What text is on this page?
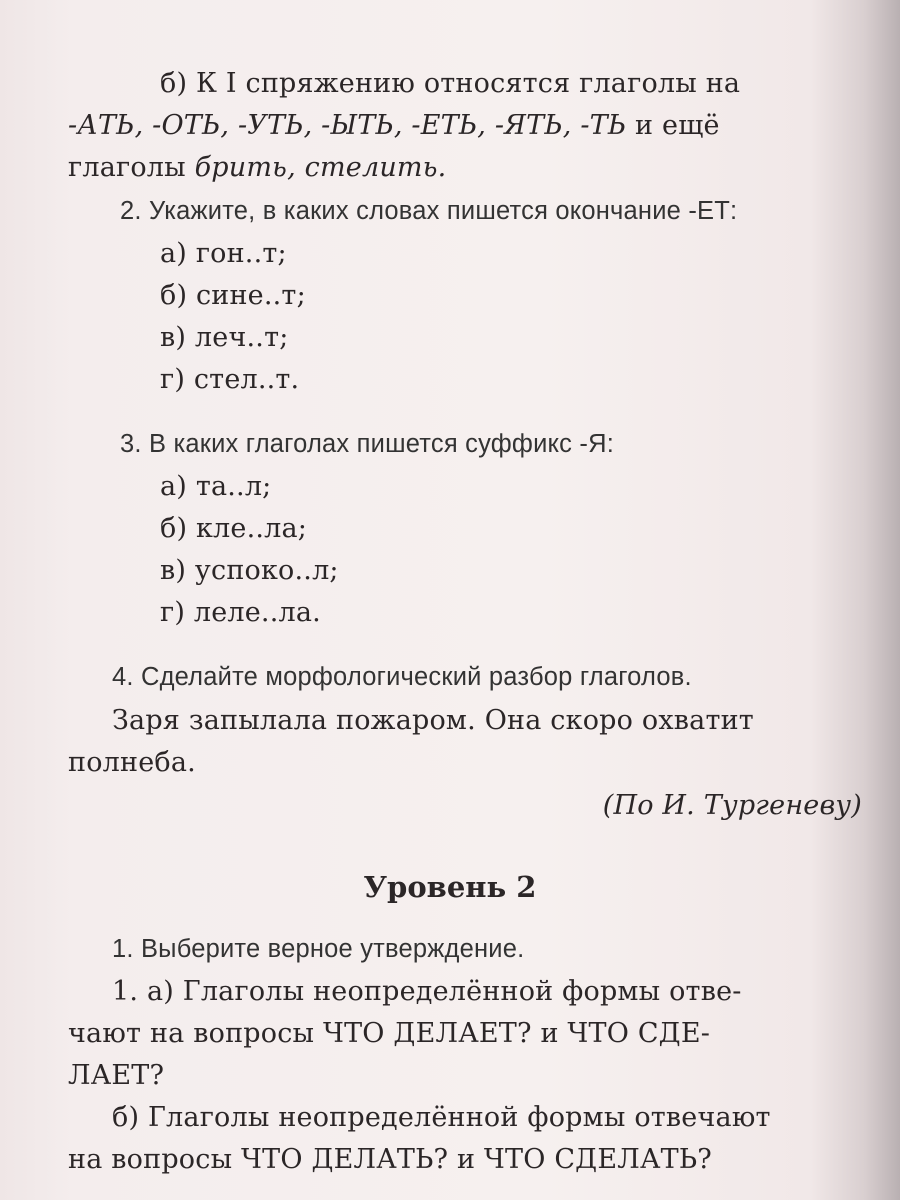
б) К I спряжению относятся глаголы на
-АТЬ, -ОТЬ, -УТЬ, -ЫТЬ, -ЕТЬ, -ЯТЬ, -ТЬ и ещё
глаголы брить, стелить.
2. Укажите, в каких словах пишется окончание -ЕТ:
а) гон..т;
б) сине..т;
в) леч..т;
г) стел..т.
3. В каких глаголах пишется суффикс -Я:
а) та..л;
б) кле..ла;
в) успоко..л;
г) леле..ла.
4. Сделайте морфологический разбор глаголов.
Заря запылала пожаром. Она скоро охватит
полнеба.
(По И. Тургеневу)
Уровень 2
1. Выберите верное утверждение.
1. а) Глаголы неопределённой формы отве-
чают на вопросы ЧТО ДЕЛАЕТ? и ЧТО СДЕ-
ЛАЕТ?
б) Глаголы неопределённой формы отвечают
на вопросы ЧТО ДЕЛАТЬ? и ЧТО СДЕЛАТЬ?
